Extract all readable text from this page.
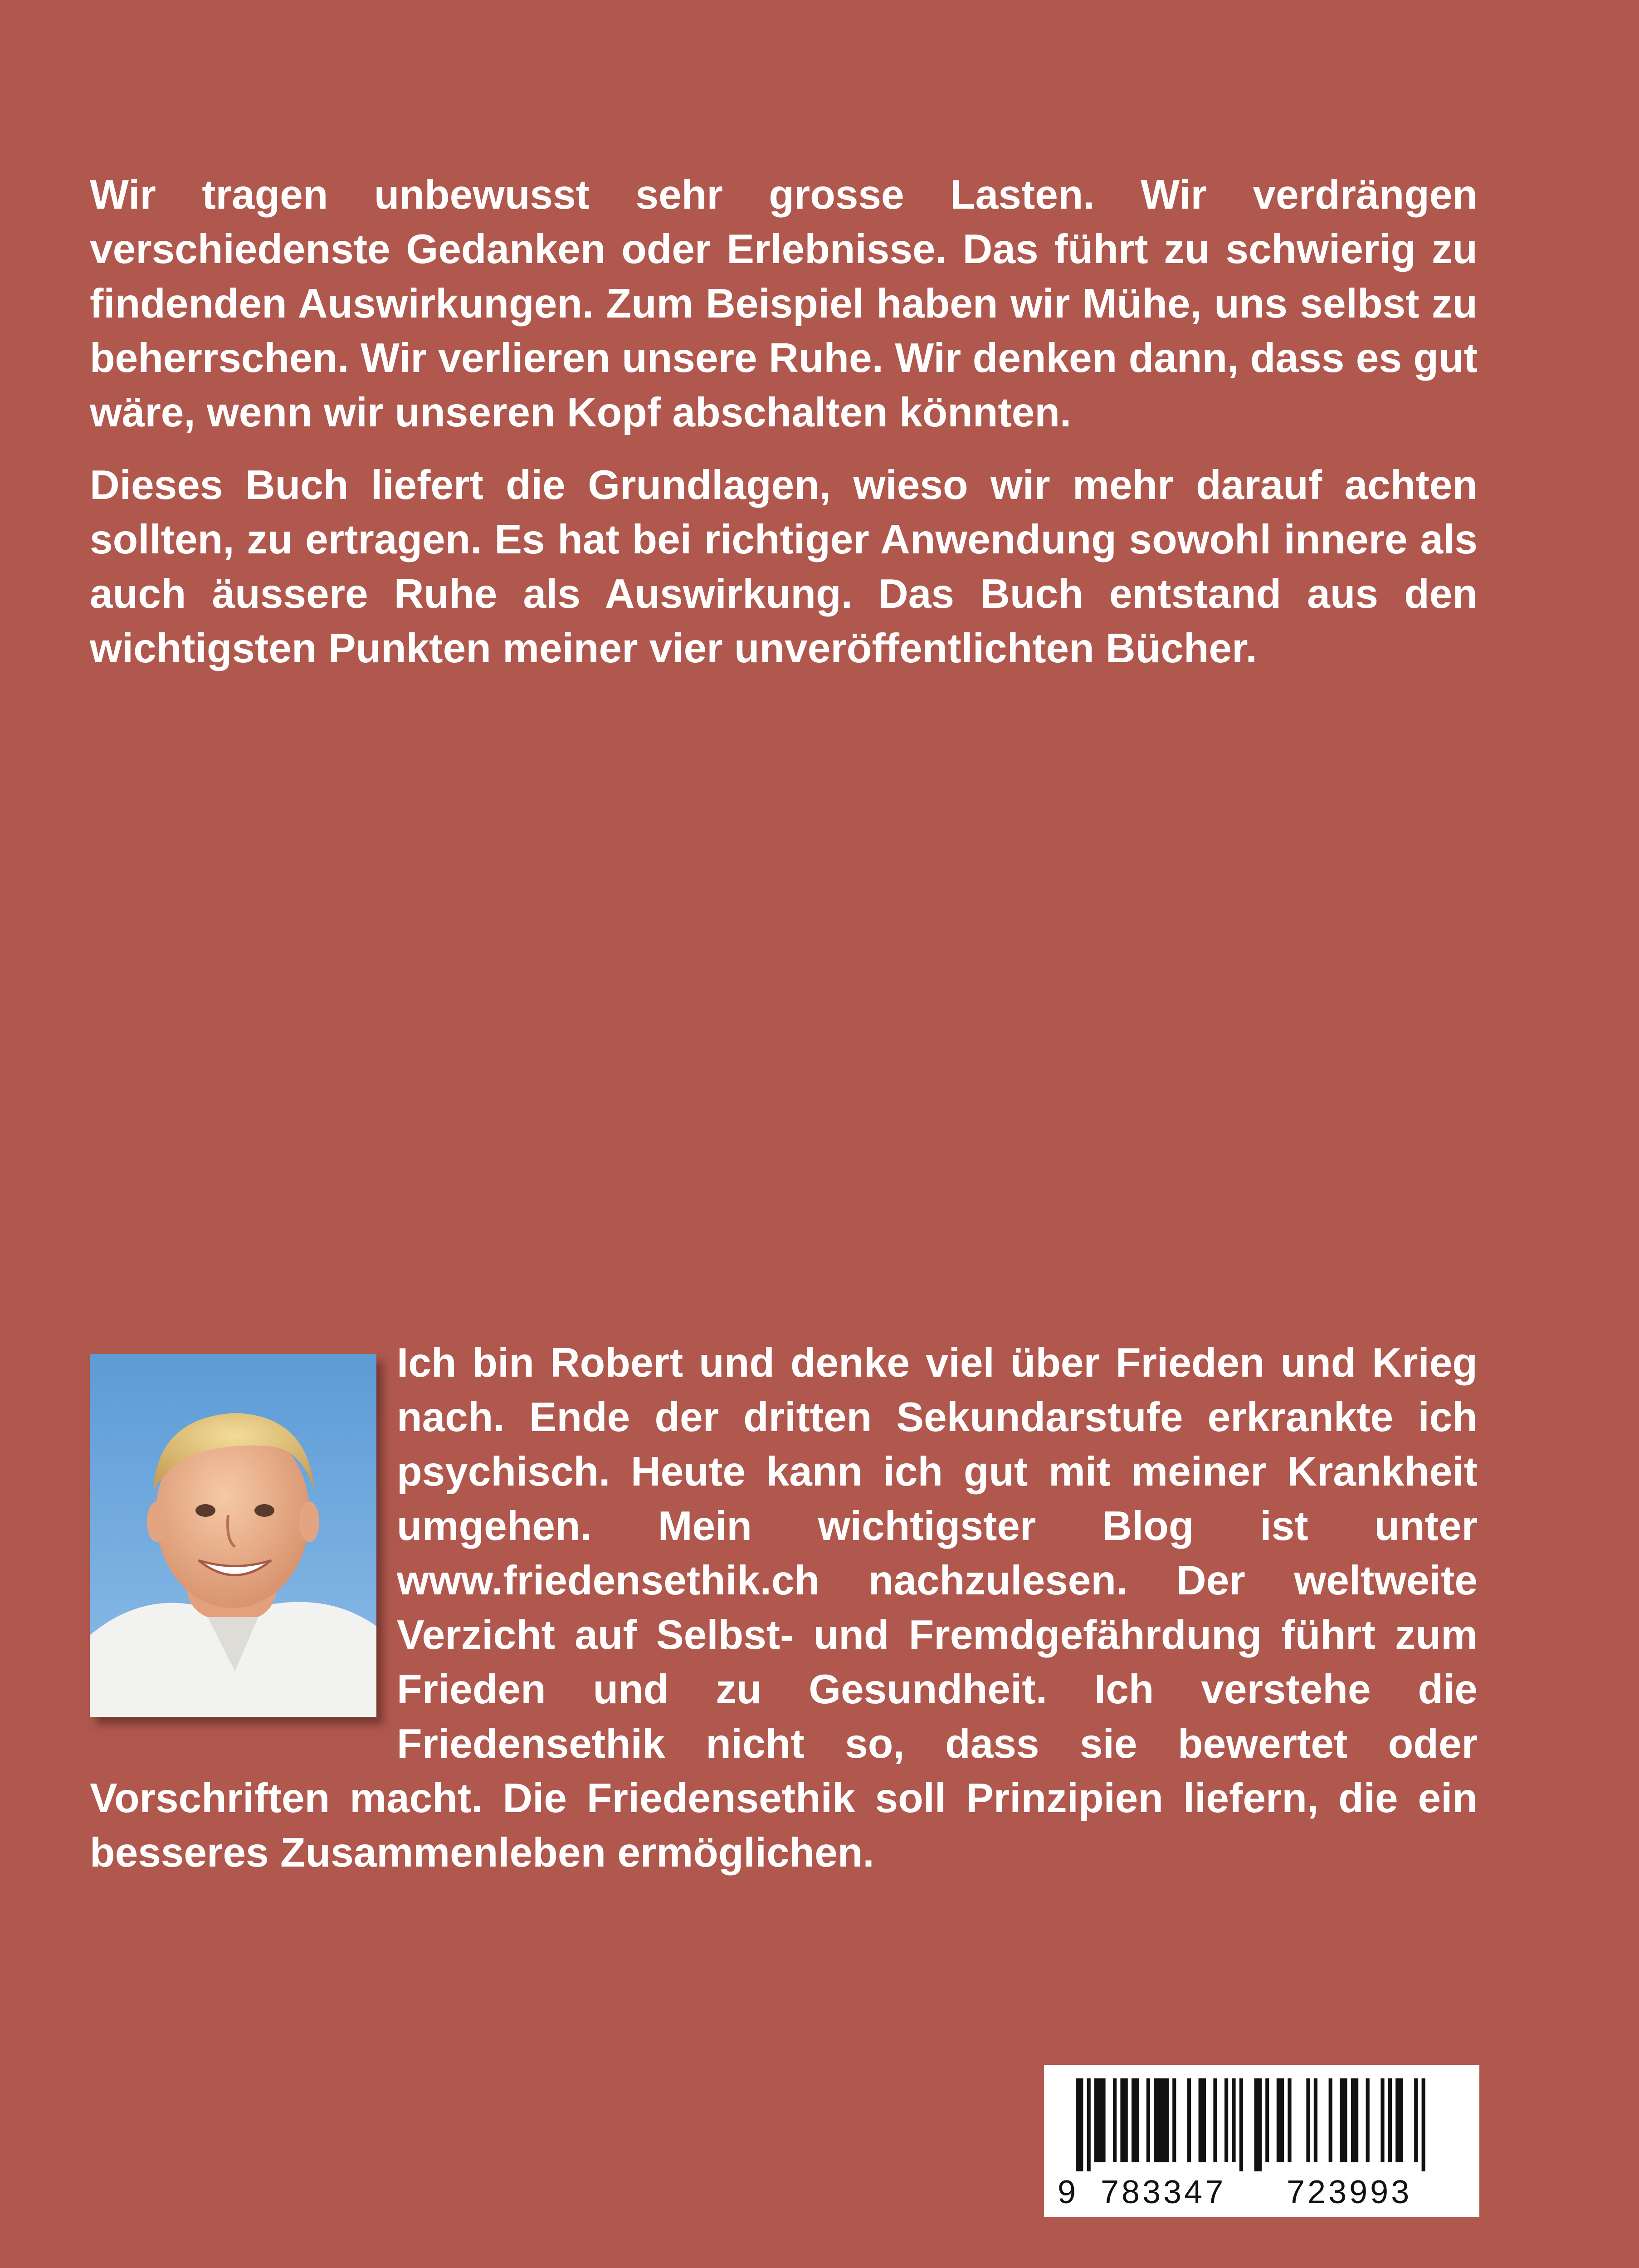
Wir tragen unbewusst sehr grosse Lasten. Wir verdrängen verschiedenste Gedanken oder Erlebnisse. Das führt zu schwierig zu findenden Auswirkungen. Zum Beispiel haben wir Mühe, uns selbst zu beherrschen. Wir verlieren unsere Ruhe. Wir denken dann, dass es gut wäre, wenn wir unseren Kopf abschalten könnten.

Dieses Buch liefert die Grundlagen, wieso wir mehr darauf achten sollten, zu ertragen. Es hat bei richtiger Anwendung sowohl innere als auch äussere Ruhe als Auswirkung. Das Buch entstand aus den wichtigsten Punkten meiner vier unveröffentlichten Bücher.

Ich bin Robert und denke viel über Frieden und Krieg nach. Ende der dritten Sekundarstufe erkrankte ich psychisch. Heute kann ich gut mit meiner Krankheit umgehen. Mein wichtigster Blog ist unter www.friedensethik.ch nachzulesen. Der weltweite Verzicht auf Selbst- und Fremdgefährdung führt zum Frieden und zu Gesundheit. Ich verstehe die Friedensethik nicht so, dass sie bewertet oder Vorschriften macht. Die Friedensethik soll Prinzipien liefern, die ein besseres Zusammenleben ermöglichen.
9 783347 723993
